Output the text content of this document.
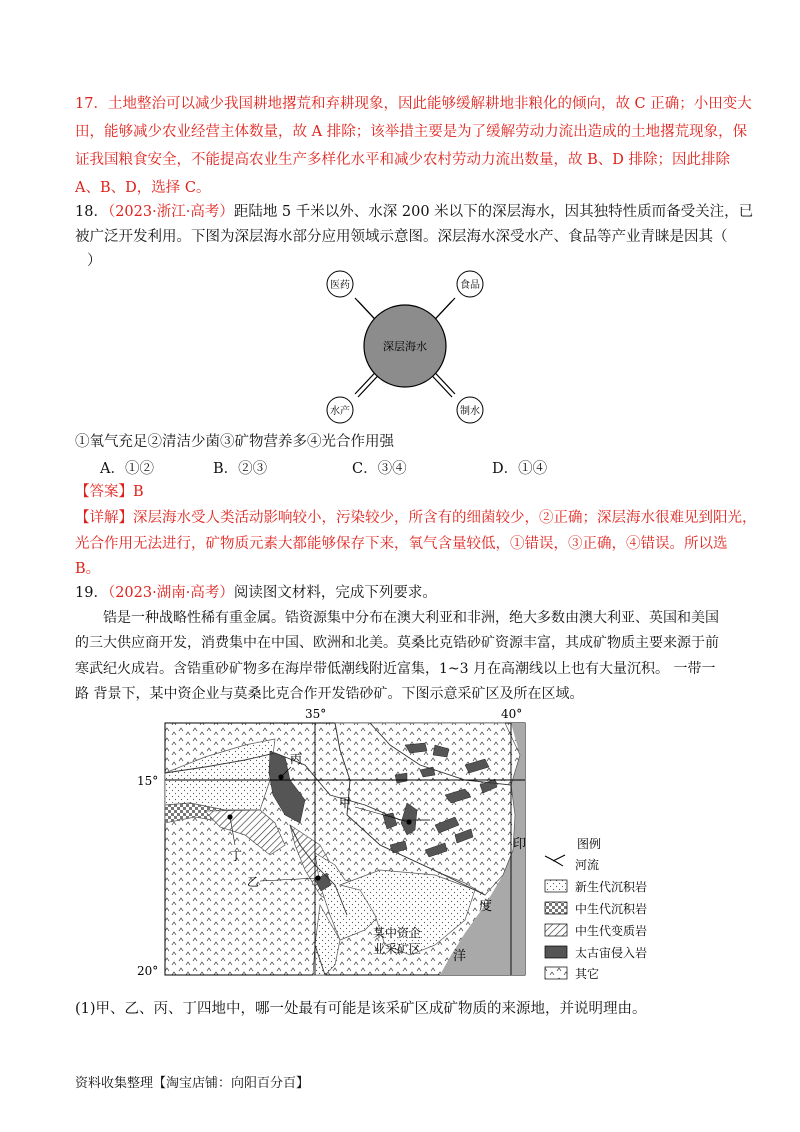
17．土地整治可以减少我国耕地撂荒和弃耕现象，因此能够缓解耕地非粮化的倾向，故 C 正确；小田变大
田，能够减少农业经营主体数量，故 A 排除；该举措主要是为了缓解劳动力流出造成的土地撂荒现象，保
证我国粮食安全，不能提高农业生产多样化水平和减少农村劳动力流出数量，故 B、D 排除；因此排除
A、B、D，选择 C。
18．（2023·浙江·高考）距陆地 5 千米以外、水深 200 米以下的深层海水，因其独特性质而备受关注，已
被广泛开发利用。下图为深层海水部分应用领域示意图。深层海水深受水产、食品等产业青睐是因其（
）
深层海水
医药	食品
水产	制水
①氧气充足②清洁少菌③矿物营养多④光合作用强
A．①②	B．②③	C．③④	D．①④
【答案】B
【详解】深层海水受人类活动影响较小，污染较少，所含有的细菌较少，②正确；深层海水很难见到阳光，
光合作用无法进行，矿物质元素大都能够保存下来，氧气含量较低，①错误，③正确，④错误。所以选
B。
19．（2023·湖南·高考）阅读图文材料，完成下列要求。
锆是一种战略性稀有重金属。锆资源集中分布在澳大利亚和非洲，绝大多数由澳大利亚、英国和美国
的三大供应商开发，消费集中在中国、欧洲和北美。莫桑比克锆砂矿资源丰富，其成矿物质主要来源于前
寒武纪火成岩。含锆重砂矿物多在海岸带低潮线附近富集，1~3 月在高潮线以上也有大量沉积。 一带一
路 背景下，某中资企业与莫桑比克合作开发锆砂矿。下图示意采矿区及所在区域。
35°	40°
15°
20°
丙
甲
丁
乙
印
度
洋
某中资企
业采矿区
图例
河流
新生代沉积岩
中生代沉积岩
中生代变质岩
太古宙侵入岩
其它
(1)甲、乙、丙、丁四地中，哪一处最有可能是该采矿区成矿物质的来源地，并说明理由。
资料收集整理【淘宝店铺：向阳百分百】
